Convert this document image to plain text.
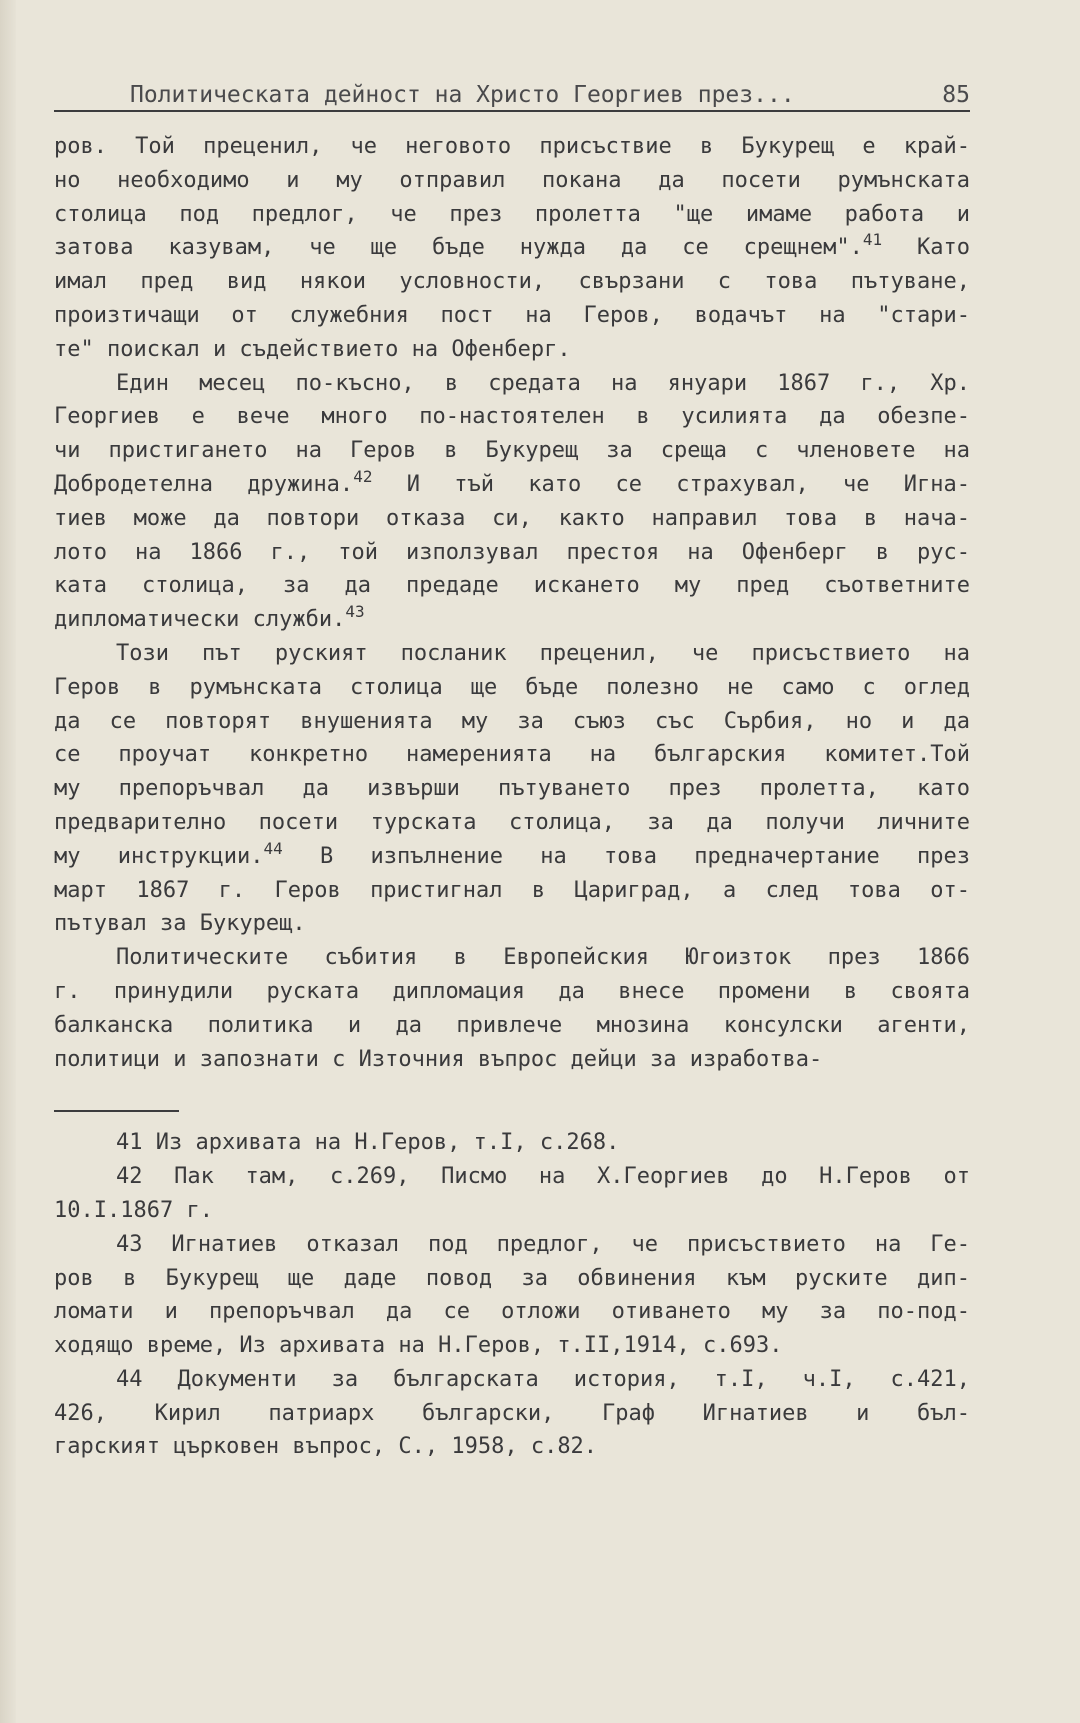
Политическата дейност на Христо Георгиев през...	85
ров. Той преценил, че неговото присъствие в Букурещ е край-
но необходимо и му отправил покана да посети румънската
столица под предлог, че през пролетта "ще имаме работа и
затова казувам, че ще бъде нужда да се срещнем".$^{41}$ Като
имал пред вид някои условности, свързани с това пътуване,
произтичащи от служебния пост на Геров, водачът на "стари-
те" поискал и съдействието на Офенберг.
Един месец по-късно, в средата на януари 1867 г., Хр.
Георгиев е вече много по-настоятелен в усилията да обезпе-
чи пристигането на Геров в Букурещ за среща с членовете на
Добродетелна дружина.$^{42}$ И тъй като се страхувал, че Игна-
тиев може да повтори отказа си, както направил това в нача-
лото на 1866 г., той използувал престоя на Офенберг в рус-
ката столица, за да предаде искането му пред съответните
дипломатически служби.$^{43}$
Този път руският посланик преценил, че присъствието на
Геров в румънската столица ще бъде полезно не само с оглед
да се повторят внушенията му за съюз със Сърбия, но и да
се проучат конкретно намеренията на българския комитет.Той
му препоръчвал да извърши пътуването през пролетта, като
предварително посети турската столица, за да получи личните
му инструкции.$^{44}$ В изпълнение на това предначертание през
март 1867 г. Геров пристигнал в Цариград, а след това от-
пътувал за Букурещ.
Политическите събития в Европейския Югоизток през 1866
г. принудили руската дипломация да внесе промени в своята
балканска политика и да привлече мнозина консулски агенти,
политици и запознати с Източния въпрос дейци за изработва-
41 Из архивата на Н.Геров, т.I, с.268.
42 Пак там, с.269, Писмо на Х.Георгиев до Н.Геров от
10.I.1867 г.
43 Игнатиев отказал под предлог, че присъствието на Ге-
ров в Букурещ ще даде повод за обвинения към руските дип-
ломати и препоръчвал да се отложи отиването му за по-под-
ходящо време, Из архивата на Н.Геров, т.II,1914, с.693.
44 Документи за българската история, т.I, ч.I, с.421,
426, Кирил патриарх български, Граф Игнатиев и бъл-
гарският църковен въпрос, С., 1958, с.82.
